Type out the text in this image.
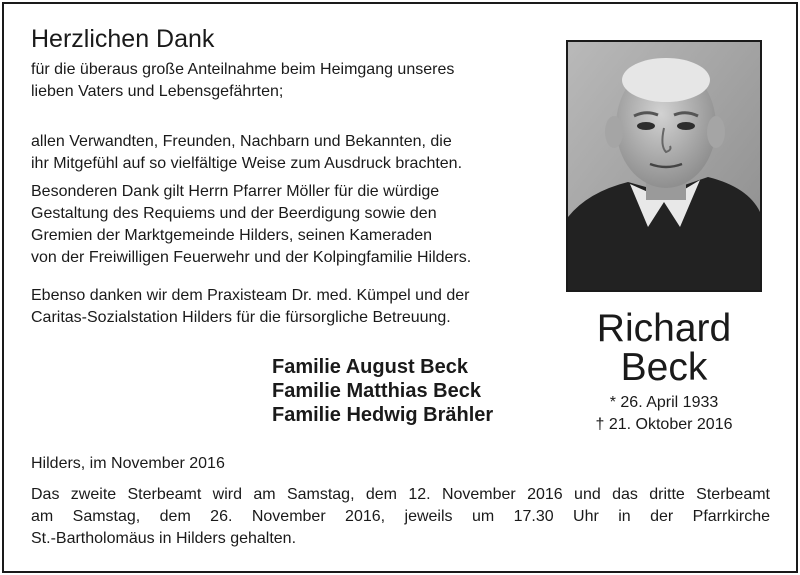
Herzlichen Dank
für die überaus große Anteilnahme beim Heimgang unseres
lieben Vaters und Lebensgefährten;
allen Verwandten, Freunden, Nachbarn und Bekannten, die
ihr Mitgefühl auf so vielfältige Weise zum Ausdruck brachten.
Besonderen Dank gilt Herrn Pfarrer Möller für die würdige
Gestaltung des Requiems und der Beerdigung sowie den
Gremien der Marktgemeinde Hilders, seinen Kameraden
von der Freiwilligen Feuerwehr und der Kolpingfamilie Hilders.
Ebenso danken wir dem Praxisteam Dr. med. Kümpel und der
Caritas-Sozialstation Hilders für die fürsorgliche Betreuung.	Richard
Beck
* 26. April 1933
† 21. Oktober 2016
Familie August Beck
Familie Matthias Beck
Familie Hedwig Brähler
Hilders, im November 2016
Das zweite Sterbeamt wird am Samstag, dem 12. November 2016 und das dritte Sterbeamt
am Samstag, dem 26. November 2016, jeweils um 17.30 Uhr in der Pfarrkirche
St.-Bartholomäus in Hilders gehalten.
